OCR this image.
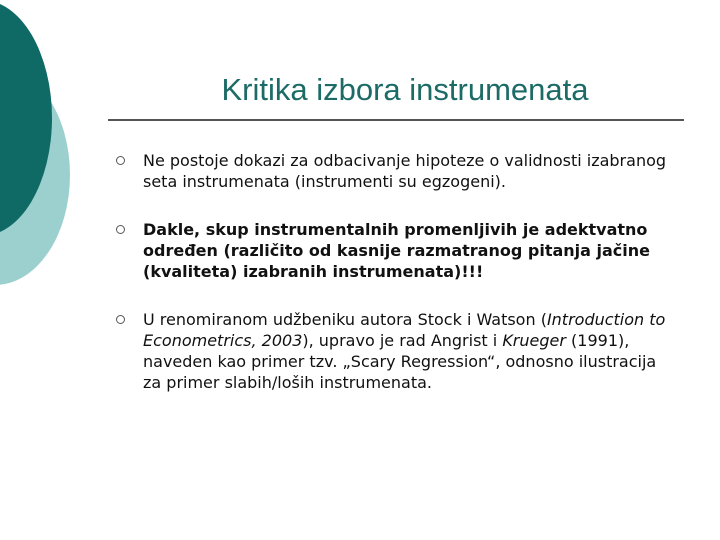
Kritika izbora instrumenata

Ne postoje dokazi za odbacivanje hipoteze o validnosti izabranog seta instrumenata (instrumenti su egzogeni).

Dakle, skup instrumentalnih promenljivih je adektvatno određen (različito od kasnije razmatranog pitanja jačine (kvaliteta) izabranih instrumenata)!!!

U renomiranom udžbeniku autora Stock i Watson (Introduction to Econometrics, 2003), upravo je rad Angrist i Krueger (1991), naveden kao primer tzv. „Scary Regression“, odnosno ilustracija za primer slabih/loših instrumenata.
